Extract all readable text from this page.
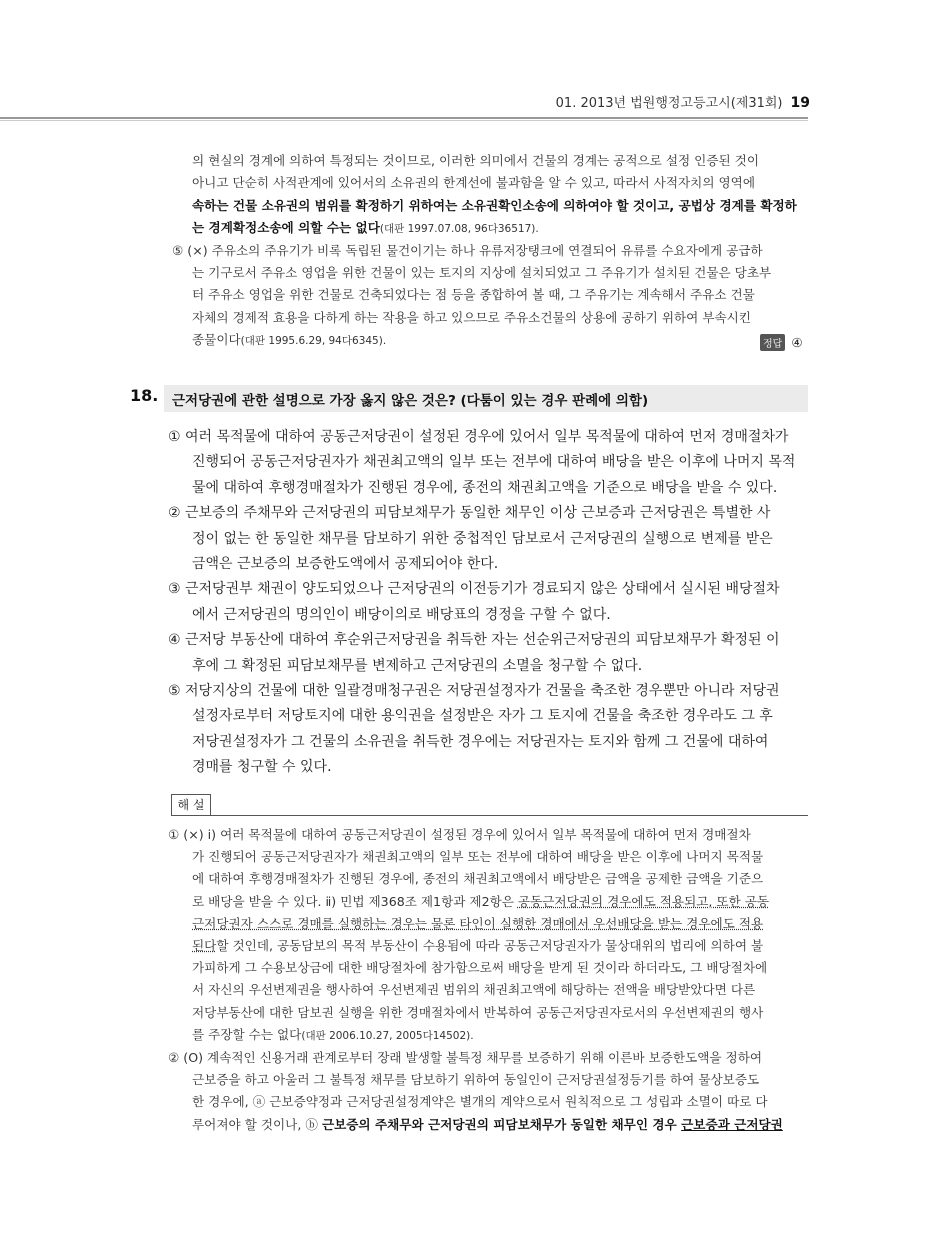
01. 2013년 법원행정고등고시(제31회) 19

의 현실의 경계에 의하여 특정되는 것이므로, 이러한 의미에서 건물의 경계는 공적으로 설정 인증된 것이

아니고 단순히 사적관계에 있어서의 소유권의 한계선에 불과함을 알 수 있고, 따라서 사적자치의 영역에

속하는 건물 소유권의 범위를 확정하기 위하여는 소유권확인소송에 의하여야 할 것이고, 공법상 경계를 확정하

는 경계확정소송에 의할 수는 없다(대판 1997.07.08, 96다36517).

⑤ (×) 주유소의 주유기가 비록 독립된 물건이기는 하나 유류저장탱크에 연결되어 유류를 수요자에게 공급하

는 기구로서 주유소 영업을 위한 건물이 있는 토지의 지상에 설치되었고 그 주유기가 설치된 건물은 당초부

터 주유소 영업을 위한 건물로 건축되었다는 점 등을 종합하여 볼 때, 그 주유기는 계속해서 주유소 건물

자체의 경제적 효용을 다하게 하는 작용을 하고 있으므로 주유소건물의 상용에 공하기 위하여 부속시킨

종물이다(대판 1995.6.29, 94다6345).	정답 ④
18. 근저당권에 관한 설명으로 가장 옳지 않은 것은? (다툼이 있는 경우 판례에 의함)

① 여러 목적물에 대하여 공동근저당권이 설정된 경우에 있어서 일부 목적물에 대하여 먼저 경매절차가

진행되어 공동근저당권자가 채권최고액의 일부 또는 전부에 대하여 배당을 받은 이후에 나머지 목적

물에 대하여 후행경매절차가 진행된 경우에, 종전의 채권최고액을 기준으로 배당을 받을 수 있다.

② 근보증의 주채무와 근저당권의 피담보채무가 동일한 채무인 이상 근보증과 근저당권은 특별한 사

정이 없는 한 동일한 채무를 담보하기 위한 중첩적인 담보로서 근저당권의 실행으로 변제를 받은

금액은 근보증의 보증한도액에서 공제되어야 한다.

③ 근저당권부 채권이 양도되었으나 근저당권의 이전등기가 경료되지 않은 상태에서 실시된 배당절차

에서 근저당권의 명의인이 배당이의로 배당표의 경정을 구할 수 없다.

④ 근저당 부동산에 대하여 후순위근저당권을 취득한 자는 선순위근저당권의 피담보채무가 확정된 이

후에 그 확정된 피담보채무를 변제하고 근저당권의 소멸을 청구할 수 없다.

⑤ 저당지상의 건물에 대한 일괄경매청구권은 저당권설정자가 건물을 축조한 경우뿐만 아니라 저당권

설정자로부터 저당토지에 대한 용익권을 설정받은 자가 그 토지에 건물을 축조한 경우라도 그 후

저당권설정자가 그 건물의 소유권을 취득한 경우에는 저당권자는 토지와 함께 그 건물에 대하여

경매를 청구할 수 있다.

해 설

① (×) ⅰ) 여러 목적물에 대하여 공동근저당권이 설정된 경우에 있어서 일부 목적물에 대하여 먼저 경매절차

가 진행되어 공동근저당권자가 채권최고액의 일부 또는 전부에 대하여 배당을 받은 이후에 나머지 목적물

에 대하여 후행경매절차가 진행된 경우에, 종전의 채권최고액에서 배당받은 금액을 공제한 금액을 기준으

로 배당을 받을 수 있다. ⅱ) 민법 제368조 제1항과 제2항은 공동근저당권의 경우에도 적용되고, 또한 공동

근저당권자 스스로 경매를 실행하는 경우는 물론 타인이 실행한 경매에서 우선배당을 받는 경우에도 적용

된다할 것인데, 공동담보의 목적 부동산이 수용됨에 따라 공동근저당권자가 물상대위의 법리에 의하여 불

가피하게 그 수용보상금에 대한 배당절차에 참가함으로써 배당을 받게 된 것이라 하더라도, 그 배당절차에

서 자신의 우선변제권을 행사하여 우선변제권 범위의 채권최고액에 해당하는 전액을 배당받았다면 다른

저당부동산에 대한 담보권 실행을 위한 경매절차에서 반복하여 공동근저당권자로서의 우선변제권의 행사

를 주장할 수는 없다(대판 2006.10.27, 2005다14502).

② (O) 계속적인 신용거래 관계로부터 장래 발생할 불특정 채무를 보증하기 위해 이른바 보증한도액을 정하여

근보증을 하고 아울러 그 불특정 채무를 담보하기 위하여 동일인이 근저당권설정등기를 하여 물상보증도

한 경우에, ⓐ 근보증약정과 근저당권설정계약은 별개의 계약으로서 원칙적으로 그 성립과 소멸이 따로 다

루어져야 할 것이나, ⓑ 근보증의 주채무와 근저당권의 피담보채무가 동일한 채무인 경우 근보증과 근저당권
